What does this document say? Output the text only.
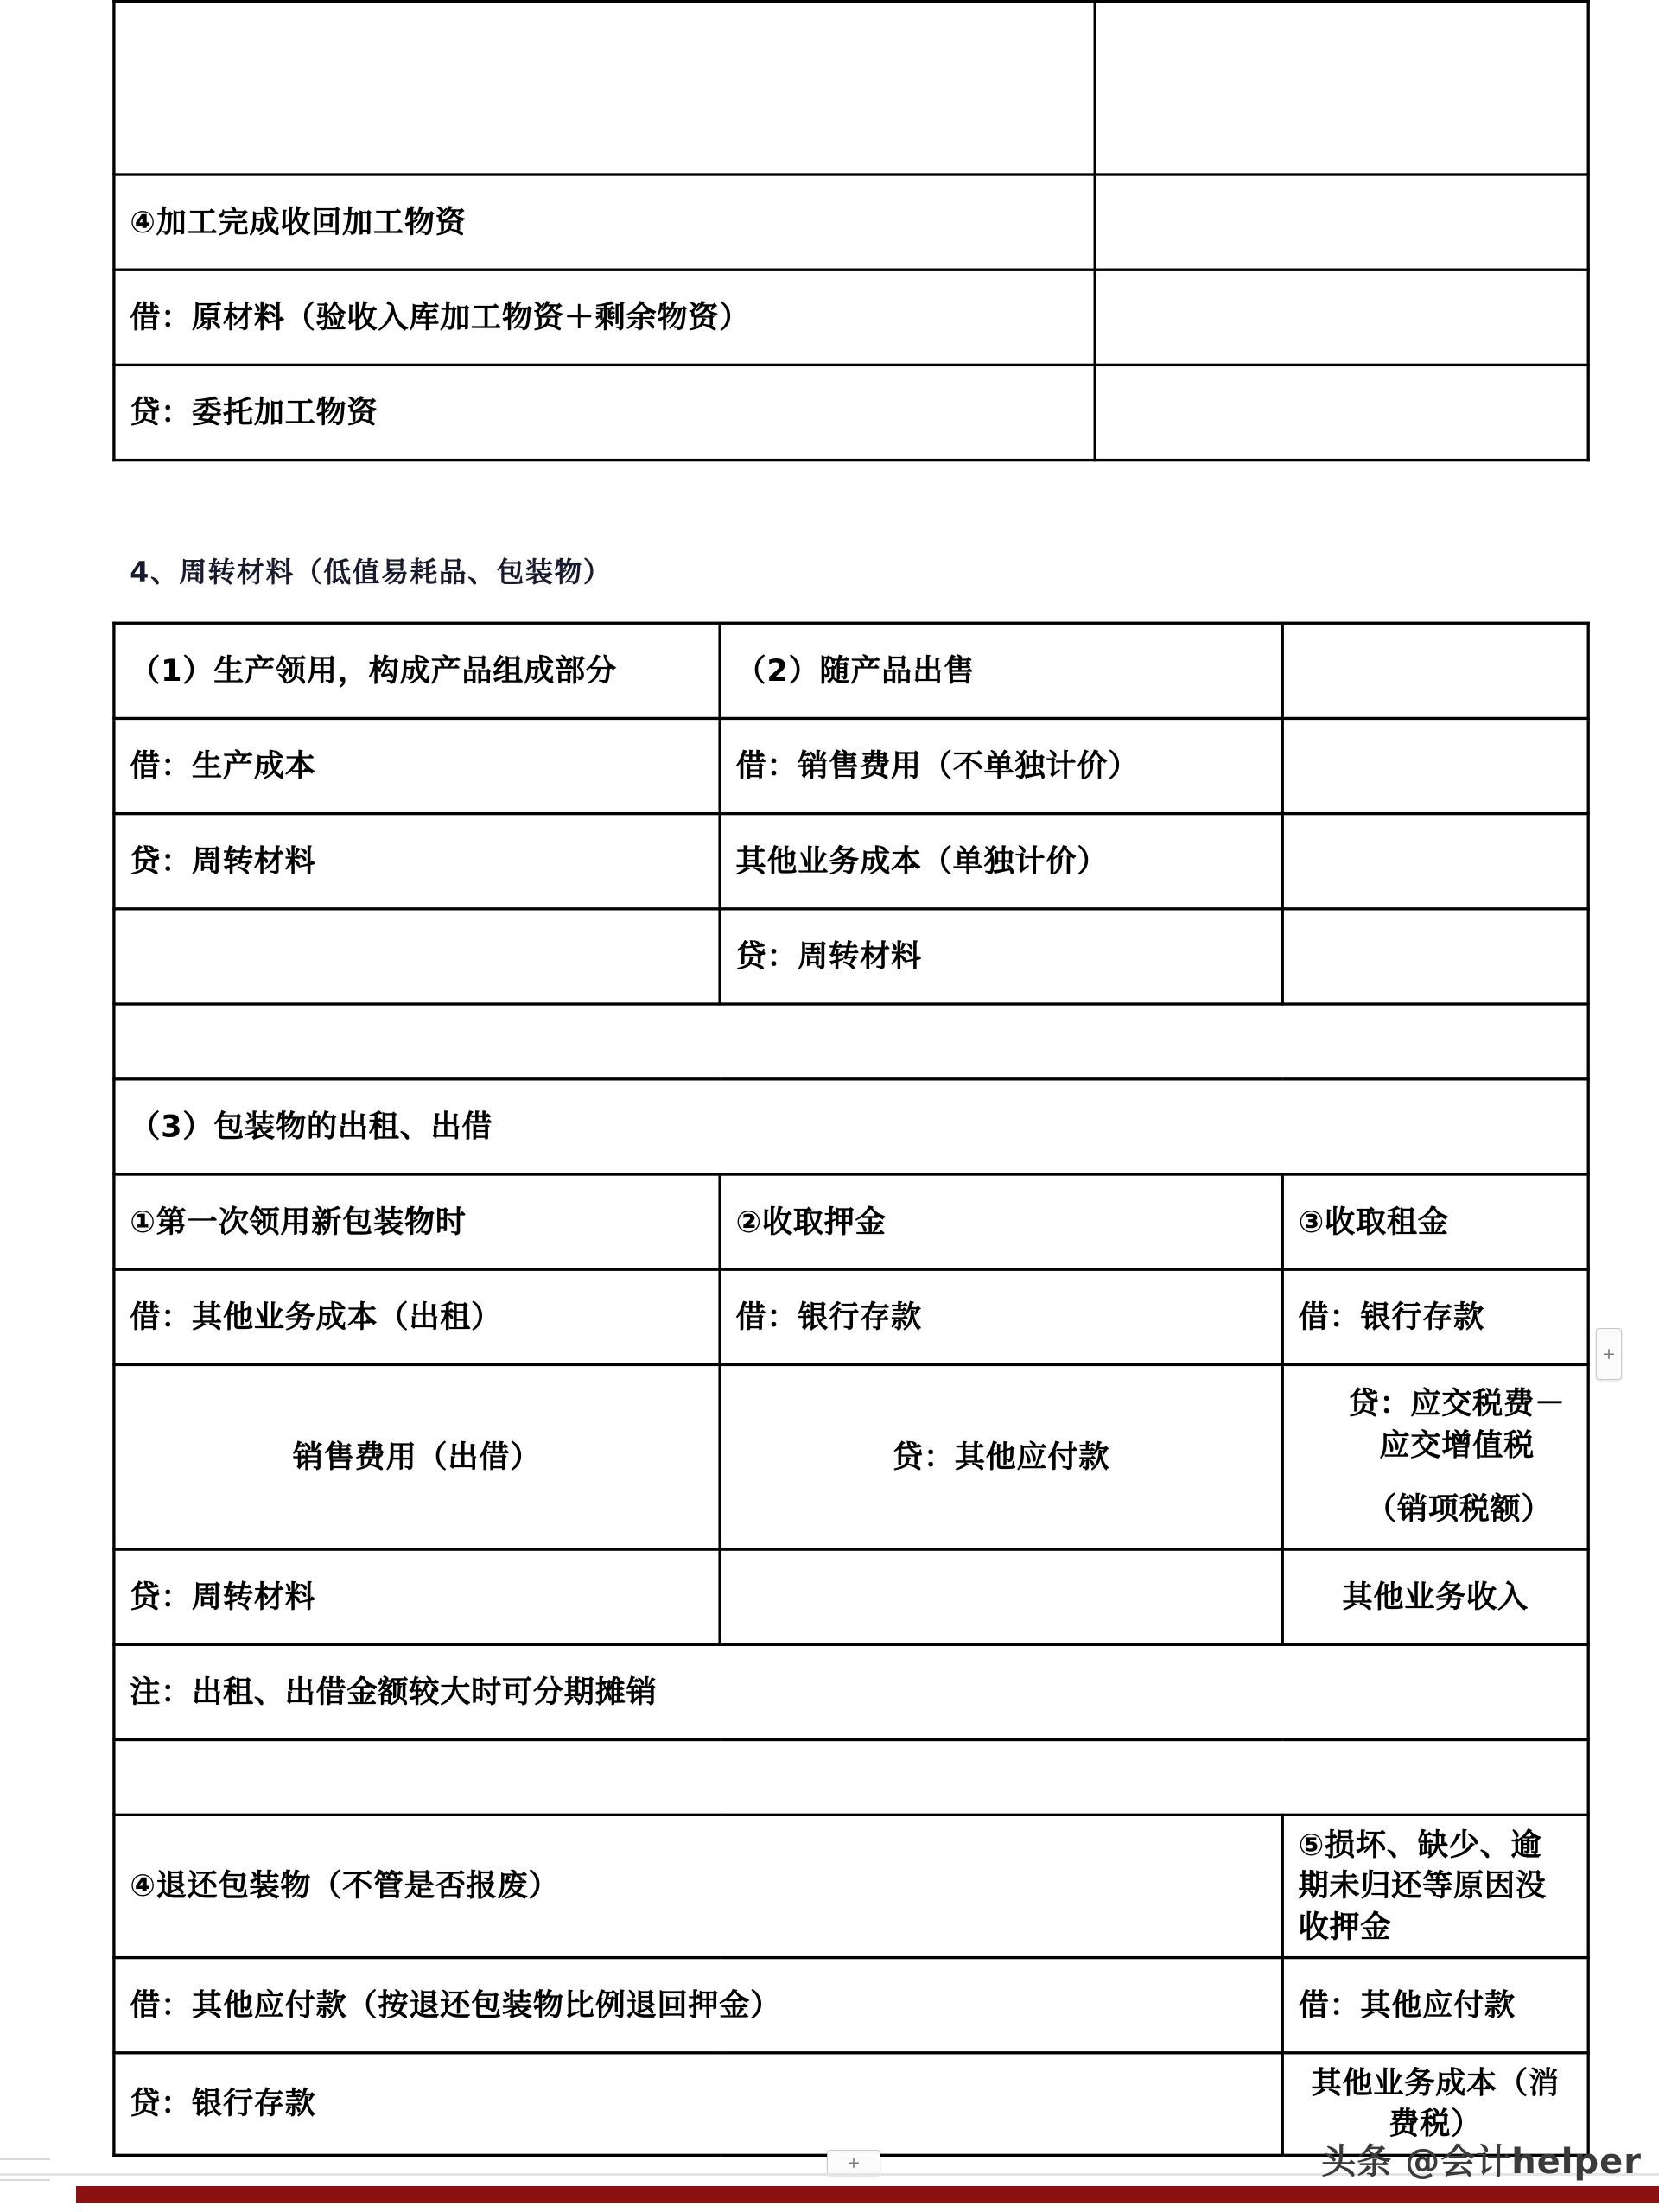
④加工完成收回加工物资	
借：原材料（验收入库加工物资＋剩余物资）	
贷：委托加工物资	
4、周转材料（低值易耗品、包装物）
（1）生产领用，构成产品组成部分	（2）随产品出售	
借：生产成本	借：销售费用（不单独计价）	
贷：周转材料	其他业务成本（单独计价）	
	贷：周转材料	

（3）包装物的出租、出借		
①第一次领用新包装物时	②收取押金	③收取租金
借：其他业务成本（出租）	借：银行存款	借：银行存款
销售费用（出借）	贷：其他应付款	贷：应交税费－应交增值税
（销项税额）

贷：周转材料		其他业务收入
注：出租、出借金额较大时可分期摊销		

④退还包装物（不管是否报废）		⑤损坏、缺少、逾期未归还等原因没收押金
借：其他应付款（按退还包装物比例退回押金）		借：其他应付款
贷：银行存款		其他业务成本（消费税）
+
+	头条 @会计helper
